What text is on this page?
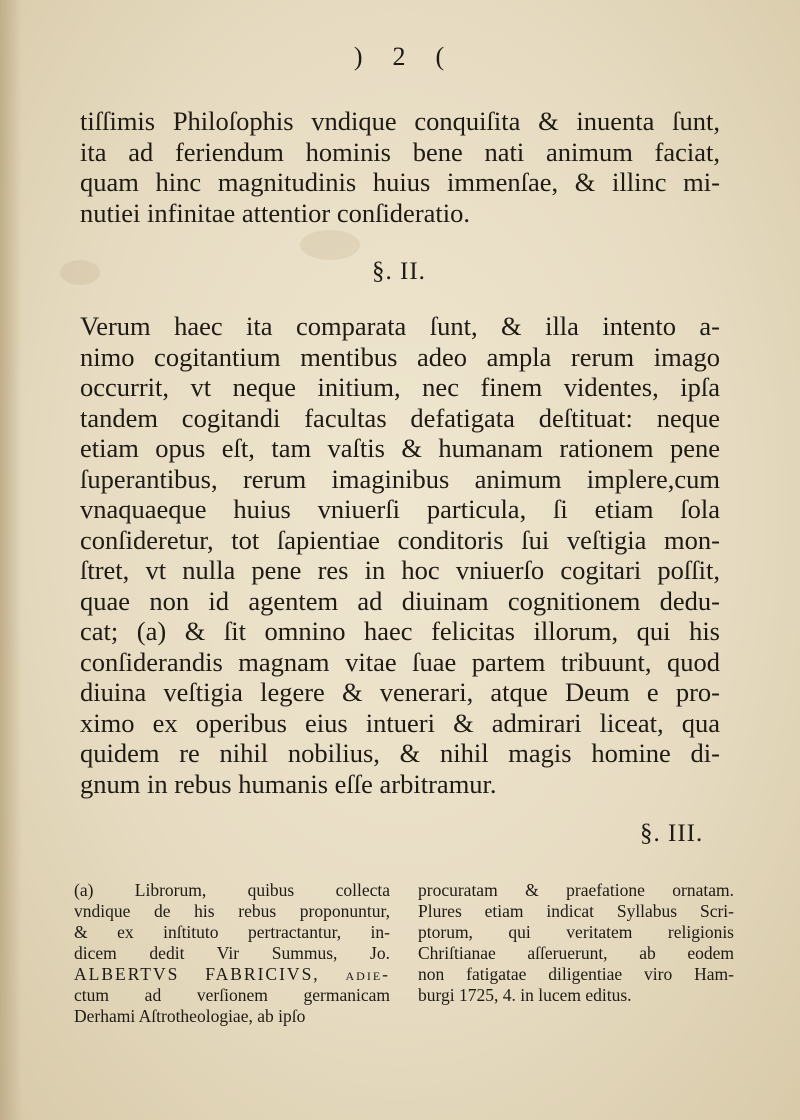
) 2 (
tiſſimis Philoſophis vndique conquiſita & inuenta ſunt,
ita ad feriendum hominis bene nati animum faciat,
quam hinc magnitudinis huius immenſae, & illinc mi-
nutiei infinitae attentior conſideratio.
§. II.
Verum haec ita comparata ſunt, & illa intento a-
nimo cogitantium mentibus adeo ampla rerum imago
occurrit, vt neque initium, nec finem videntes, ipſa
tandem cogitandi facultas defatigata deſtituat: neque
etiam opus eſt, tam vaſtis & humanam rationem pene
ſuperantibus, rerum imaginibus animum implere,cum
vnaquaeque huius vniuerſi particula, ſi etiam ſola
conſideretur, tot ſapientiae conditoris ſui veſtigia mon-
ſtret, vt nulla pene res in hoc vniuerſo cogitari poſſit,
quae non id agentem ad diuinam cognitionem dedu-
cat; (a) & ſit omnino haec felicitas illorum, qui his
conſiderandis magnam vitae ſuae partem tribuunt, quod
diuina veſtigia legere & venerari, atque Deum e pro-
ximo ex operibus eius intueri & admirari liceat, qua
quidem re nihil nobilius, & nihil magis homine di-
gnum in rebus humanis eſſe arbitramur.
§. III.
(a) Librorum, quibus collecta
vndique de his rebus proponuntur,
& ex inſtituto pertractantur, in-
dicem dedit Vir Summus, Jo.
ALBERTVS FABRICIVS, adie-
ctum ad verſionem germanicam
Derhami Aſtrotheologiae, ab ipſo
procuratam & praefatione ornatam.
Plures etiam indicat Syllabus Scri-
ptorum, qui veritatem religionis
Chriſtianae aſſeruerunt, ab eodem
non fatigatae diligentiae viro Ham-
burgi 1725, 4. in lucem editus.
